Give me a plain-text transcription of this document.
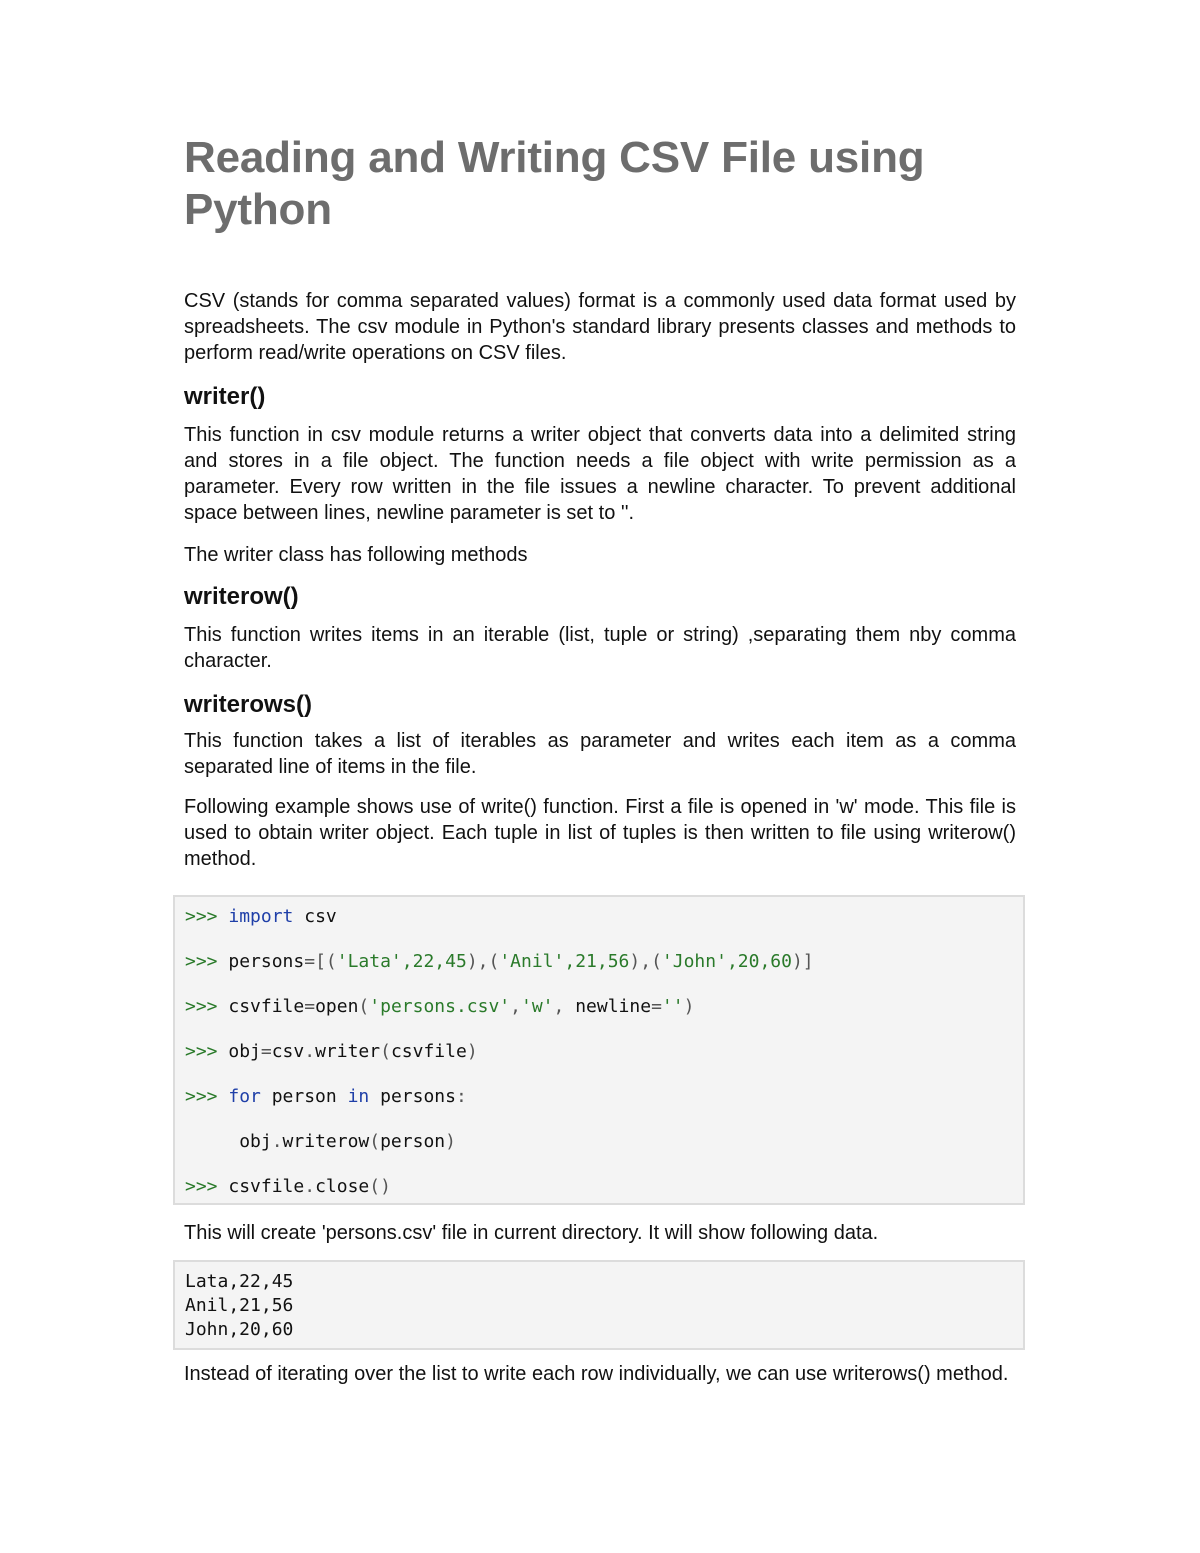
Reading and Writing CSV File using Python

CSV (stands for comma separated values) format is a commonly used data format used by spreadsheets. The csv module in Python's standard library presents classes and methods to perform read/write operations on CSV files.

writer()

This function in csv module returns a writer object that converts data into a delimited string and stores in a file object. The function needs a file object with write permission as a parameter. Every row written in the file issues a newline character. To prevent additional space between lines, newline parameter is set to ''.

The writer class has following methods

writerow()

This function writes items in an iterable (list, tuple or string) ,separating them nby comma character.

writerows()

This function takes a list of iterables as parameter and writes each item as a comma separated line of items in the file.

Following example shows use of write() function. First a file is opened in 'w' mode. This file is used to obtain writer object. Each tuple in list of tuples is then written to file using writerow() method.

>>> import csv
>>> persons=[('Lata',22,45),('Anil',21,56),('John',20,60)]
>>> csvfile=open('persons.csv','w', newline='')
>>> obj=csv.writer(csvfile)
>>> for person in persons:
obj.writerow(person)
>>> csvfile.close()

This will create 'persons.csv' file in current directory. It will show following data.

Lata,22,45
Anil,21,56
John,20,60

Instead of iterating over the list to write each row individually, we can use writerows() method.
